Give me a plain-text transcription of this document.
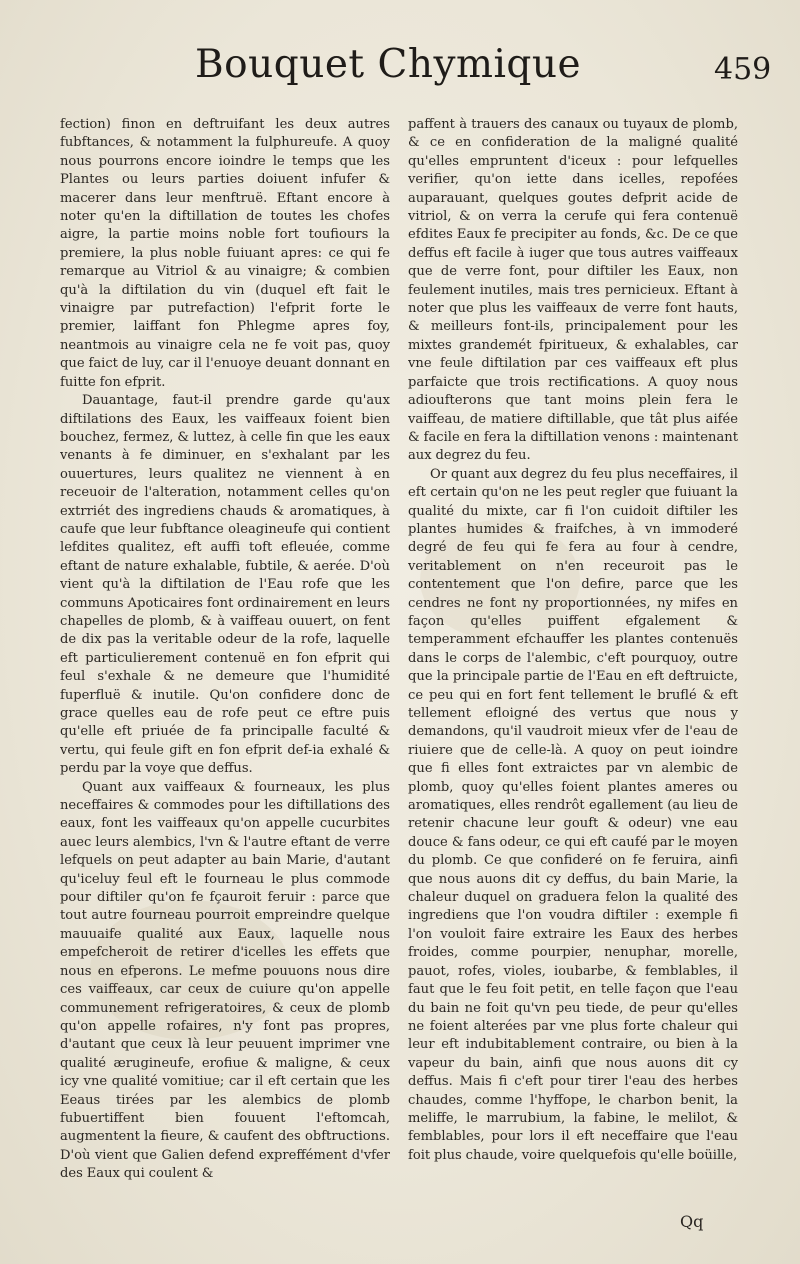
Bouquet Chymique	459

fection) finon en deftruifant les deux autres fubftances, & notamment la fulphureufe. A quoy nous pourrons encore ioindre le temps que les Plantes ou leurs parties doiuent infufer & macerer dans leur menftruë. Eftant encore à noter qu'en la diftillation de toutes les chofes aigre, la partie moins noble fort toufiours la premiere, la plus noble fuiuant apres: ce qui fe remarque au Vitriol & au vinaigre; & combien qu'à la diftilation du vin (duquel eft fait le vinaigre par putrefaction) l'efprit forte le premier, laiffant fon Phlegme apres foy, neantmois au vinaigre cela ne fe voit pas, quoy que faict de luy, car il l'enuoye deuant donnant en fuitte fon efprit.

Dauantage, faut-il prendre garde qu'aux diftilations des Eaux, les vaiffeaux foient bien bouchez, fermez, & luttez, à celle fin que les eaux venants à fe diminuer, en s'exhalant par les ouuertures, leurs qualitez ne viennent à en receuoir de l'alteration, notamment celles qu'on extrriét des ingrediens chauds & aromatiques, à caufe que leur fubftance oleagineufe qui contient lefdites qualitez, eft auffi toft efleuée, comme eftant de nature exhalable, fubtile, & aerée. D'où vient qu'à la diftilation de l'Eau rofe que les communs Apoticaires font ordinairement en leurs chapelles de plomb, & à vaiffeau ouuert, on fent de dix pas la veritable odeur de la rofe, laquelle eft particulierement contenuë en fon efprit qui feul s'exhale & ne demeure que l'humidité fuperfluë & inutile. Qu'on confidere donc de grace quelles eau de rofe peut ce eftre puis qu'elle eft priuée de fa principalle faculté & vertu, qui feule gift en fon efprit def-ia exhalé & perdu par la voye que deffus.

Quant aux vaiffeaux & fourneaux, les plus neceffaires & commodes pour les diftillations des eaux, font les vaiffeaux qu'on appelle cucurbites auec leurs alembics, l'vn & l'autre eftant de verre lefquels on peut adapter au bain Marie, d'autant qu'iceluy feul eft le fourneau le plus commode pour diftiler qu'on fe fçauroit feruir : parce que tout autre fourneau pourroit empreindre quelque mauuaife qualité aux Eaux, laquelle nous empefcheroit de retirer d'icelles les effets que nous en efperons. Le mefme pouuons nous dire ces vaiffeaux, car ceux de cuiure qu'on appelle communement refrigeratoires, & ceux de plomb qu'on appelle rofaires, n'y font pas propres, d'autant que ceux là leur peuuent imprimer vne qualité ærugineufe, erofiue & maligne, & ceux icy vne qualité vomitiue; car il eft certain que les Eeaus tirées par les alembics de plomb fubuertiffent bien fouuent l'eftomcah, augmentent la fieure, & caufent des obftructions. D'où vient que Galien defend expreffément d'vfer des Eaux qui coulent &

paffent à trauers des canaux ou tuyaux de plomb, & ce en confideration de la maligné qualité qu'elles empruntent d'iceux : pour lefquelles verifier, qu'on iette dans icelles, repofées auparauant, quelques goutes defprit acide de vitriol, & on verra la cerufe qui fera contenuë efdites Eaux fe precipiter au fonds, &c. De ce que deffus eft facile à iuger que tous autres vaiffeaux que de verre font, pour diftiler les Eaux, non feulement inutiles, mais tres pernicieux. Eftant à noter que plus les vaiffeaux de verre font hauts, & meilleurs font-ils, principalement pour les mixtes grandemét fpiritueux, & exhalables, car vne feule diftilation par ces vaiffeaux eft plus parfaicte que trois rectifications. A quoy nous adioufterons que tant moins plein fera le vaiffeau, de matiere diftillable, que tât plus aifée & facile en fera la diftillation venons : maintenant aux degrez du feu.

Or quant aux degrez du feu plus neceffaires, il eft certain qu'on ne les peut regler que fuiuant la qualité du mixte, car fi l'on cuidoit diftiler les plantes humides & fraifches, à vn immoderé degré de feu qui fe fera au four à cendre, veritablement on n'en receuroit pas le contentement que l'on defire, parce que les cendres ne font ny proportionnées, ny mifes en façon qu'elles puiffent efgalement & temperamment efchauffer les plantes contenuës dans le corps de l'alembic, c'eft pourquoy, outre que la principale partie de l'Eau en eft deftruicte, ce peu qui en fort fent tellement le bruflé & eft tellement efloigné des vertus que nous y demandons, qu'il vaudroit mieux vfer de l'eau de riuiere que de celle-là. A quoy on peut ioindre que fi elles font extraictes par vn alembic de plomb, quoy qu'elles foient plantes ameres ou aromatiques, elles rendrôt egallement (au lieu de retenir chacune leur gouft & odeur) vne eau douce & fans odeur, ce qui eft caufé par le moyen du plomb. Ce que confideré on fe feruira, ainfi que nous auons dit cy deffus, du bain Marie, la chaleur duquel on graduera felon la qualité des ingrediens que l'on voudra diftiler : exemple fi l'on vouloit faire extraire les Eaux des herbes froides, comme pourpier, nenuphar, morelle, pauot, rofes, violes, ioubarbe, & femblables, il faut que le feu foit petit, en telle façon que l'eau du bain ne foit qu'vn peu tiede, de peur qu'elles ne foient alterées par vne plus forte chaleur qui leur eft indubitablement contraire, ou bien à la vapeur du bain, ainfi que nous auons dit cy deffus. Mais fi c'eft pour tirer l'eau des herbes chaudes, comme l'hyffope, le charbon benit, la meliffe, le marrubium, la fabine, le melilot, & femblables, pour lors il eft neceffaire que l'eau foit plus chaude, voire quelquefois qu'elle boüille,

Qq
